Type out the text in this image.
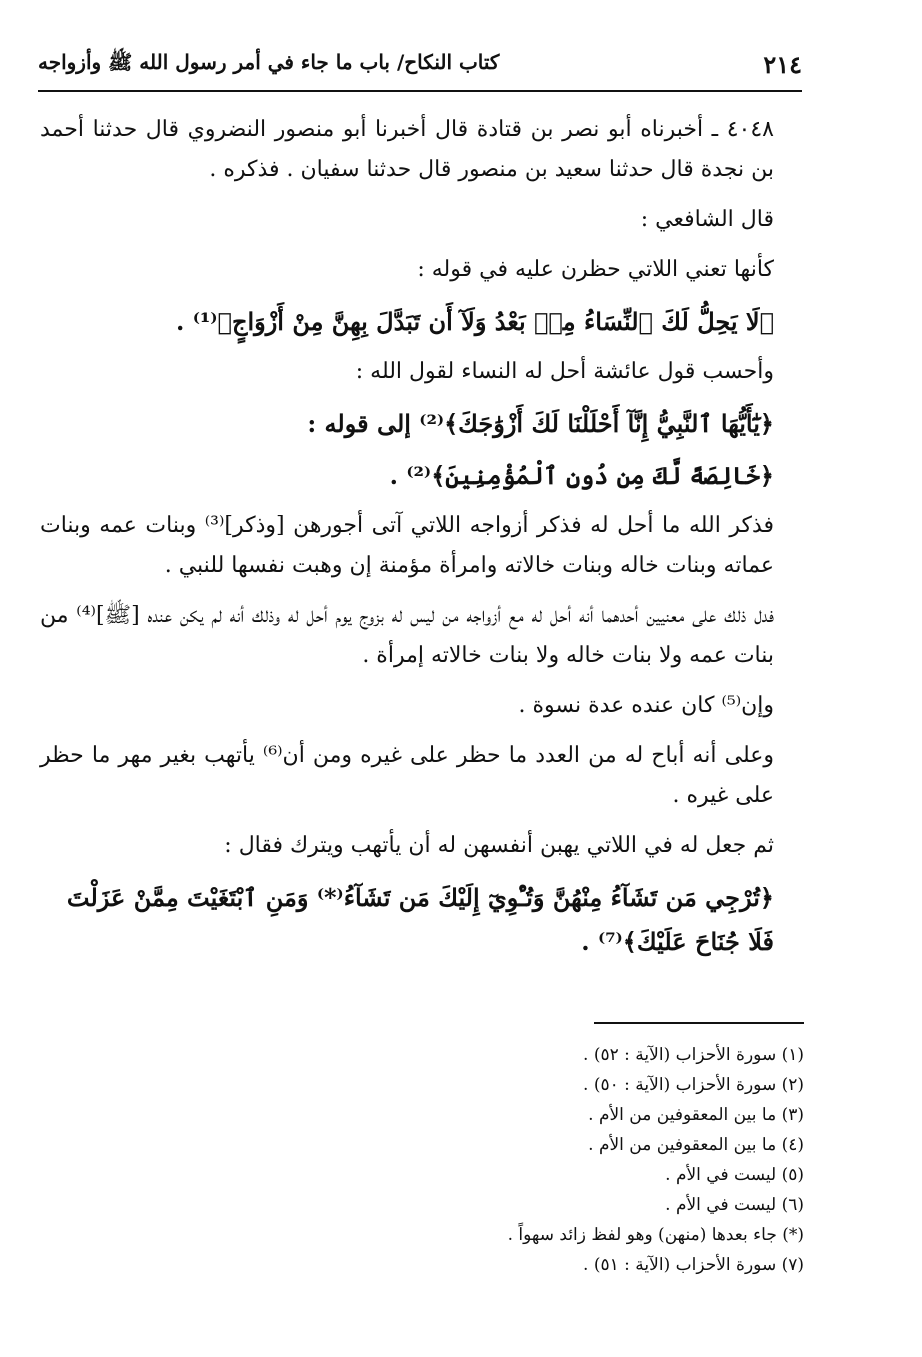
٢١٤
كتاب النكاح/ باب ما جاء في أمر رسول الله ﷺ وأزواجه

٤٠٤٨ ـ أخبرناه أبو نصر بن قتادة قال أخبرنا أبو منصور النضروي قال حدثنا أحمد بن نجدة قال حدثنا سعيد بن منصور قال حدثنا سفيان . فذكره .

قال الشافعي :

كأنها تعني اللاتي حظرن عليه في قوله :

﴿لَا يَحِلُّ لَكَ ٱلنِّسَاءُ مِنۢ بَعْدُ وَلَآ أَن تَبَدَّلَ بِهِنَّ مِنْ أَزْوَاجٍ﴾⁽¹⁾ .

وأحسب قول عائشة أحل له النساء لقول الله :

﴿يَٰٓأَيُّهَا ٱلنَّبِيُّ إِنَّآ أَحْلَلْنَا لَكَ أَزْوَٰجَكَ﴾⁽²⁾ إلى قوله :

﴿خَالِصَةً لَّكَ مِن دُونِ ٱلْمُؤْمِنِينَ﴾⁽²⁾ .

فذكر الله ما أحل له فذكر أزواجه اللاتي آتى أجورهن [وذكر]⁽³⁾ وبنات عمه وبنات عماته وبنات خاله وبنات خالاته وامرأة مؤمنة إن وهبت نفسها للنبي .

فدل ذلك على معنيين أحدهما أنه أحل له مع أزواجه من ليس له بزوج يوم أحل له وذلك أنه لم يكن عنده [ﷺ]⁽⁴⁾ من بنات عمه ولا بنات خاله ولا بنات خالاته إمرأة .

وإن⁽⁵⁾ كان عنده عدة نسوة .

وعلى أنه أباح له من العدد ما حظر على غيره ومن أن⁽⁶⁾ يأتهب بغير مهر ما حظر على غيره .

ثم جعل له في اللاتي يهبن أنفسهن له أن يأتهب ويترك فقال :

﴿تُرْجِي مَن تَشَآءُ مِنْهُنَّ وَتُـْٔوِيٓ إِلَيْكَ مَن تَشَآءُ⁽*⁾ وَمَنِ ٱبْتَغَيْتَ مِمَّنْ عَزَلْتَ فَلَا جُنَاحَ عَلَيْكَ﴾⁽⁷⁾ .

(١) سورة الأحزاب (الآية : ٥٢) .
(٢) سورة الأحزاب (الآية : ٥٠) .
(٣) ما بين المعقوفين من الأم .
(٤) ما بين المعقوفين من الأم .
(٥) ليست في الأم .
(٦) ليست في الأم .
(*) جاء بعدها (منهن) وهو لفظ زائد سهواً .
(٧) سورة الأحزاب (الآية : ٥١) .
